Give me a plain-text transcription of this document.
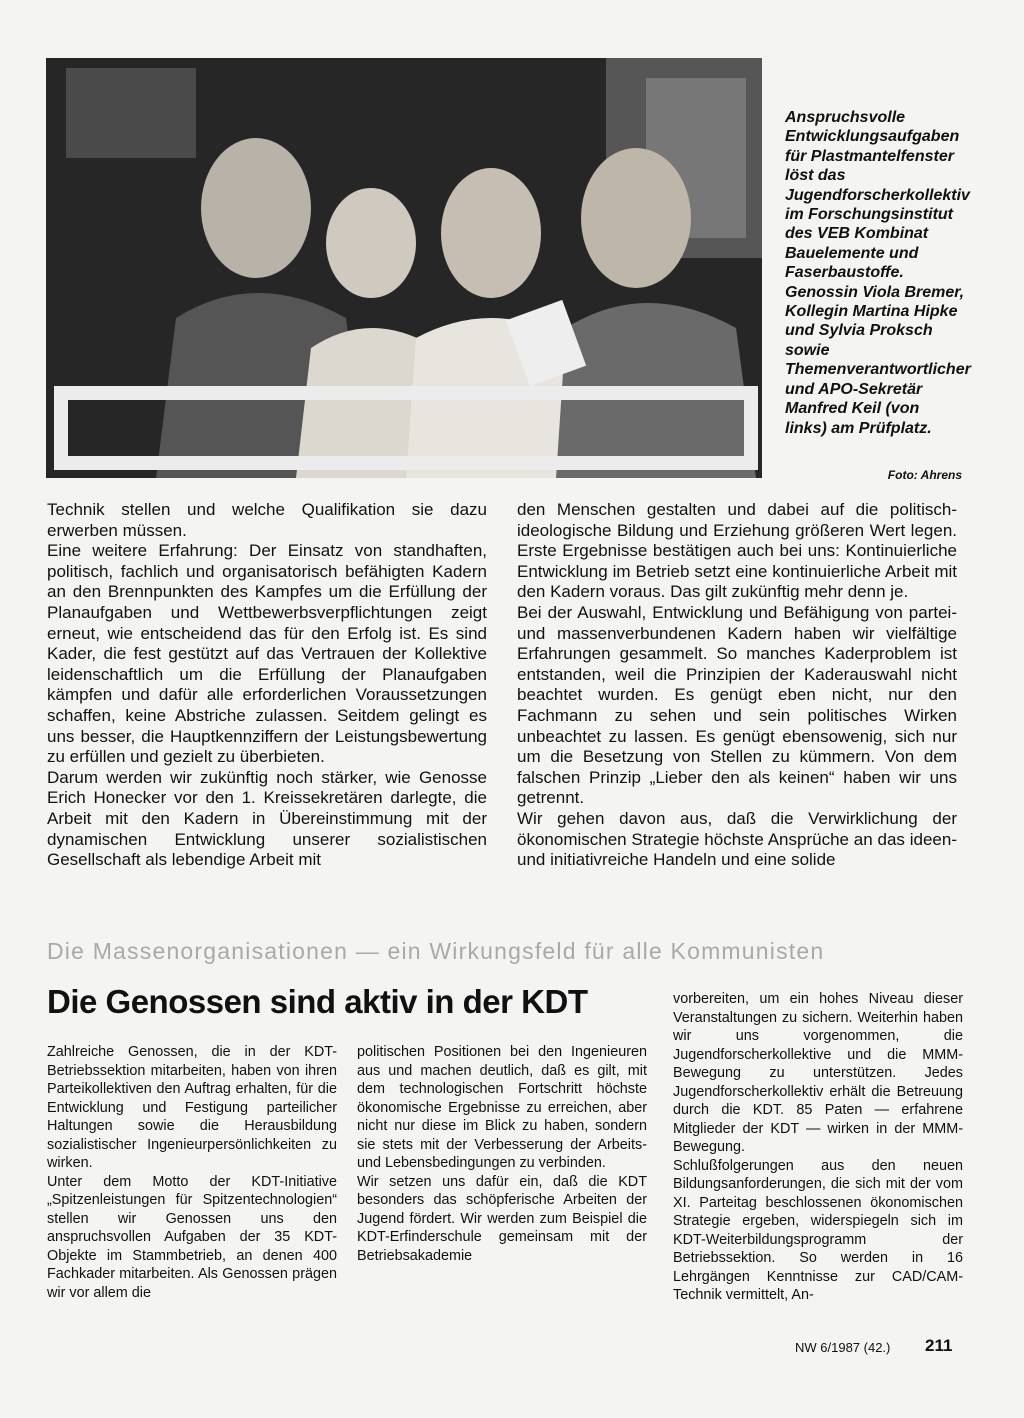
Anspruchsvolle Entwicklungsaufgaben für Plastmantelfenster löst das Jugendforscherkollektiv im Forschungsinstitut des VEB Kombinat Bauelemente und Faserbaustoffe. Genossin Viola Bremer, Kollegin Martina Hipke und Sylvia Proksch sowie Themenverantwortlicher und APO-Sekretär Manfred Keil (von links) am Prüfplatz.
Foto: Ahrens

Technik stellen und welche Qualifikation sie dazu erwerben müssen.

Eine weitere Erfahrung: Der Einsatz von standhaften, politisch, fachlich und organisatorisch befähigten Kadern an den Brennpunkten des Kampfes um die Erfüllung der Planaufgaben und Wettbewerbsverpflichtungen zeigt erneut, wie entscheidend das für den Erfolg ist. Es sind Kader, die fest gestützt auf das Vertrauen der Kollektive leidenschaftlich um die Erfüllung der Planaufgaben kämpfen und dafür alle erforderlichen Voraussetzungen schaffen, keine Abstriche zulassen. Seitdem gelingt es uns besser, die Hauptkennziffern der Leistungsbewertung zu erfüllen und gezielt zu überbieten.

Darum werden wir zukünftig noch stärker, wie Genosse Erich Honecker vor den 1. Kreissekretären darlegte, die Arbeit mit den Kadern in Übereinstimmung mit der dynamischen Entwicklung unserer sozialistischen Gesellschaft als lebendige Arbeit mit

den Menschen gestalten und dabei auf die politisch-ideologische Bildung und Erziehung größeren Wert legen. Erste Ergebnisse bestätigen auch bei uns: Kontinuierliche Entwicklung im Betrieb setzt eine kontinuierliche Arbeit mit den Kadern voraus. Das gilt zukünftig mehr denn je.

Bei der Auswahl, Entwicklung und Befähigung von partei- und massenverbundenen Kadern haben wir vielfältige Erfahrungen gesammelt. So manches Kaderproblem ist entstanden, weil die Prinzipien der Kaderauswahl nicht beachtet wurden. Es genügt eben nicht, nur den Fachmann zu sehen und sein politisches Wirken unbeachtet zu lassen. Es genügt ebensowenig, sich nur um die Besetzung von Stellen zu kümmern. Von dem falschen Prinzip „Lieber den als keinen“ haben wir uns getrennt.

Wir gehen davon aus, daß die Verwirklichung der ökonomischen Strategie höchste Ansprüche an das ideen- und initiativreiche Handeln und eine solide

Die Massenorganisationen — ein Wirkungsfeld für alle Kommunisten
Die Genossen sind aktiv in der KDT

Zahlreiche Genossen, die in der KDT-Betriebssektion mitarbeiten, haben von ihren Parteikollektiven den Auftrag erhalten, für die Entwicklung und Festigung parteilicher Haltungen sowie die Herausbildung sozialistischer Ingenieurpersönlichkeiten zu wirken.

Unter dem Motto der KDT-Initiative „Spitzenleistungen für Spitzentechnologien“ stellen wir Genossen uns den anspruchsvollen Aufgaben der 35 KDT-Objekte im Stammbetrieb, an denen 400 Fachkader mitarbeiten. Als Genossen prägen wir vor allem die

politischen Positionen bei den Ingenieuren aus und machen deutlich, daß es gilt, mit dem technologischen Fortschritt höchste ökonomische Ergebnisse zu erreichen, aber nicht nur diese im Blick zu haben, sondern sie stets mit der Verbesserung der Arbeits- und Lebensbedingungen zu verbinden.

Wir setzen uns dafür ein, daß die KDT besonders das schöpferische Arbeiten der Jugend fördert. Wir werden zum Beispiel die KDT-Erfinderschule gemeinsam mit der Betriebsakademie

vorbereiten, um ein hohes Niveau dieser Veranstaltungen zu sichern. Weiterhin haben wir uns vorgenommen, die Jugendforscherkollektive und die MMM-Bewegung zu unterstützen. Jedes Jugendforscherkollektiv erhält die Betreuung durch die KDT. 85 Paten — erfahrene Mitglieder der KDT — wirken in der MMM-Bewegung.

Schlußfolgerungen aus den neuen Bildungsanforderungen, die sich mit der vom XI. Parteitag beschlossenen ökonomischen Strategie ergeben, widerspiegeln sich im KDT-Weiterbildungsprogramm der Betriebssektion. So werden in 16 Lehrgängen Kenntnisse zur CAD/CAM-Technik vermittelt, An-

NW 6/1987 (42.) 211
